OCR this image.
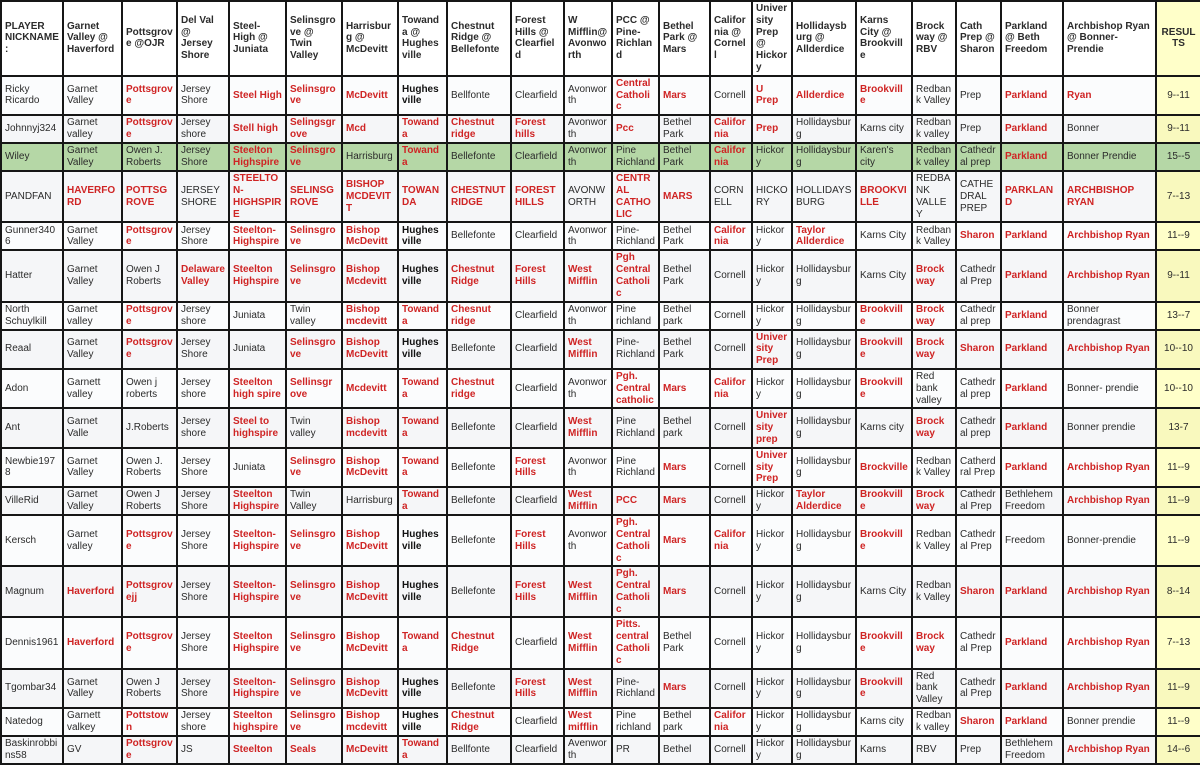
PLAYER NICKNAME:	Garnet Valley @ Haverford	Pottsgrove @OJR	Del Val @ Jersey Shore	Steel-High @ Juniata	Selinsgrove @ Twin Valley	Harrisburg @ McDevitt	Towanda @ Hughesville	Chestnut Ridge @ Bellefonte	Forest Hills @ Clearfield	W Mifflin@ Avonworth	PCC @ Pine-Richland	Bethel Park @ Mars	California @ Cornell	University Prep @ Hickory	Hollidaysburg @ Allderdice	Karns City @ Brookville	Brockway @ RBV	Cath Prep @ Sharon	Parkland @ Beth Freedom	Archbishop Ryan @ Bonner-Prendie	RESULTS
Ricky Ricardo	Garnet Valley	Pottsgrove	Jersey Shore	Steel High	Selinsgrove	McDevitt	Hughesville	Bellfonte	Clearfield	Avonworth	Central Catholic	Mars	Cornell	U Prep	Allderdice	Brookville	Redbank Valley	Prep	Parkland	Ryan	9--11
Johnnyj324	Garnet valley	Pottsgrove	Jersey shore	Stell high	Selingsgrove	Mcd	Towanda	Chestnut ridge	Forest hills	Avonworth	Pcc	Bethel Park	California	Prep	Hollidaysburg	Karns city	Redbank valley	Prep	Parkland	Bonner	9--11
Wiley	Garnet Valley	Owen J. Roberts	Jersey Shore	Steelton Highspire	Selinsgrove	Harrisburg	Towanda	Bellefonte	Clearfield	Avonworth	Pine Richland	Bethel Park	California	Hickory	Hollidaysburg	Karen's city	Redbank valley	Cathedral prep	Parkland	Bonner Prendie	15--5
PANDFAN	HAVERFORD	POTTSGROVE	JERSEY SHORE	STEELTON-HIGHSPIRE	SELINSGROVE	BISHOP MCDEVITT	TOWANDA	CHESTNUT RIDGE	FOREST HILLS	AVONWORTH	CENTRAL CATHOLIC	MARS	CORNELL	HICKORY	HOLLIDAYSBURG	BROOKVILLE	REDBANK VALLEY	CATHEDRAL PREP	PARKLAND	ARCHBISHOP RYAN	7--13
Gunner3406	Garnet Valley	Pottsgrove	Jersey Shore	Steelton-Highspire	Selinsgrove	Bishop McDevitt	Hughesville	Bellefonte	Clearfield	Avonworth	Pine-Richland	Bethel Park	California	Hickory	Taylor Allderdice	Karns City	Redbank Valley	Sharon	Parkland	Archbishop Ryan	11--9
Hatter	Garnet Valley	Owen J Roberts	Delaware Valley	Steelton Highspire	Selinsgrove	Bishop Mcdevitt	Hughesville	Chestnut Ridge	Forest Hills	West Mifflin	Pgh Central Catholic	Bethel Park	Cornell	Hickory	Hollidaysburg	Karns City	Brockway	Cathedral Prep	Parkland	Archbishop Ryan	9--11
North Schuylkill	Garnet valley	Pottsgrove	Jersey shore	Juniata	Twin valley	Bishop mcdevitt	Towanda	Chesnut ridge	Clearfield	Avonworth	Pine richland	Bethel park	Cornell	Hickory	Hollidaysburg	Brookville	Brockway	Cathedral prep	Parkland	Bonner prendagrast	13--7
Reaal	Garnet Valley	Pottsgrove	Jersey Shore	Juniata	Selinsgrove	Bishop McDevitt	Hughesville	Bellefonte	Clearfield	West Mifflin	Pine-Richland	Bethel Park	Cornell	University Prep	Hollidaysburg	Brookville	Brockway	Sharon	Parkland	Archbishop Ryan	10--10
Adon	Garnett valley	Owen j roberts	Jersey shore	Steelton high spire	Sellinsgrove	Mcdevitt	Towanda	Chestnut ridge	Clearfield	Avonworth	Pgh. Central catholic	Mars	California	Hickory	Hollidaysburg	Brookville	Red bank valley	Cathedral prep	Parkland	Bonner- prendie	10--10
Ant	Garnet Valle	J.Roberts	Jersey shore	Steel to highspire	Twin valley	Bishop mcdevitt	Towanda	Bellefonte	Clearfield	West Mifflin	Pine Richland	Bethel park	Cornell	University prep	Hollidaysburg	Karns city	Brockway	Cathedral prep	Parkland	Bonner prendie	13-7
Newbie1978	Garnet Valley	Owen J. Roberts	Jersey Shore	Juniata	Selinsgrove	Bishop McDevitt	Towanda	Bellefonte	Forest Hills	Avonworth	Pine Richland	Mars	Cornell	University Prep	Hollidaysburg	Brockville	Redbank Valley	Catherdral Prep	Parkland	Archbishop Ryan	11--9
VilleRid	Garnet Valley	Owen J Roberts	Jersey Shore	Steelton Highspire	Twin Valley	Harrisburg	Towanda	Bellefonte	Clearfield	West Mifflin	PCC	Mars	Cornell	Hickory	Taylor Alderdice	Brookville	Brockway	Cathedral Prep	Bethlehem Freedom	Archbishop Ryan	11--9
Kersch	Garnet valley	Pottsgrove	Jersey Shore	Steelton-Highspire	Selinsgrove	Bishop McDevitt	Hughesville	Bellefonte	Forest Hills	Avonworth	Pgh. Central Catholic	Mars	California	Hickory	Hollidaysburg	Brookville	Redbank Valley	Cathedral Prep	Freedom	Bonner-prendie	11--9
Magnum	Haverford	Pottsgrovejj	Jersey Shore	Steelton-Highspire	Selinsgrove	Bishop McDevitt	Hughesville	Bellefonte	Forest Hills	West Mifflin	Pgh. Central Catholic	Mars	Cornell	Hickory	Hollidaysburg	Karns City	Redbank Valley	Sharon	Parkland	Archbishop Ryan	8--14
Dennis1961	Haverford	Pottsgrove	Jersey Shore	Steelton Highspire	Selinsgrove	Bishop McDevitt	Towanda	Chestnut Ridge	Clearfield	West Mifflin	Pitts. central Catholic	Bethel Park	Cornell	Hickory	Hollidaysburg	Brookville	Brockway	Cathedral Prep	Parkland	Archbishop Ryan	7--13
Tgombar34	Garnet Valley	Owen J Roberts	Jersey Shore	Steelton-Highspire	Selinsgrove	Bishop McDevitt	Hughesville	Bellefonte	Forest Hills	West Mifflin	Pine-Richland	Mars	Cornell	Hickory	Hollidaysburg	Brookville	Red bank Valley	Cathedral Prep	Parkland	Archbishop Ryan	11--9
Natedog	Garnett valkey	Pottstown	Jersey shore	Steelton highspire	Selinsgrove	Bishop mcdevitt	Hughesville	Chestnut Ridge	Clearfield	West mifflin	Pine richland	Bethel park	California	Hickory	Hollidaysburg	Karns city	Redbank valley	Sharon	Parkland	Bonner prendie	11--9
Baskinrobbins58	GV	Pottsgrove	JS	Steelton	Seals	McDevitt	Towanda	Bellfonte	Clearfield	Avenworth	PR	Bethel	Cornell	Hickory	Hollidaysburg	Karns	RBV	Prep	Bethlehem Freedom	Archbishop Ryan	14--6
